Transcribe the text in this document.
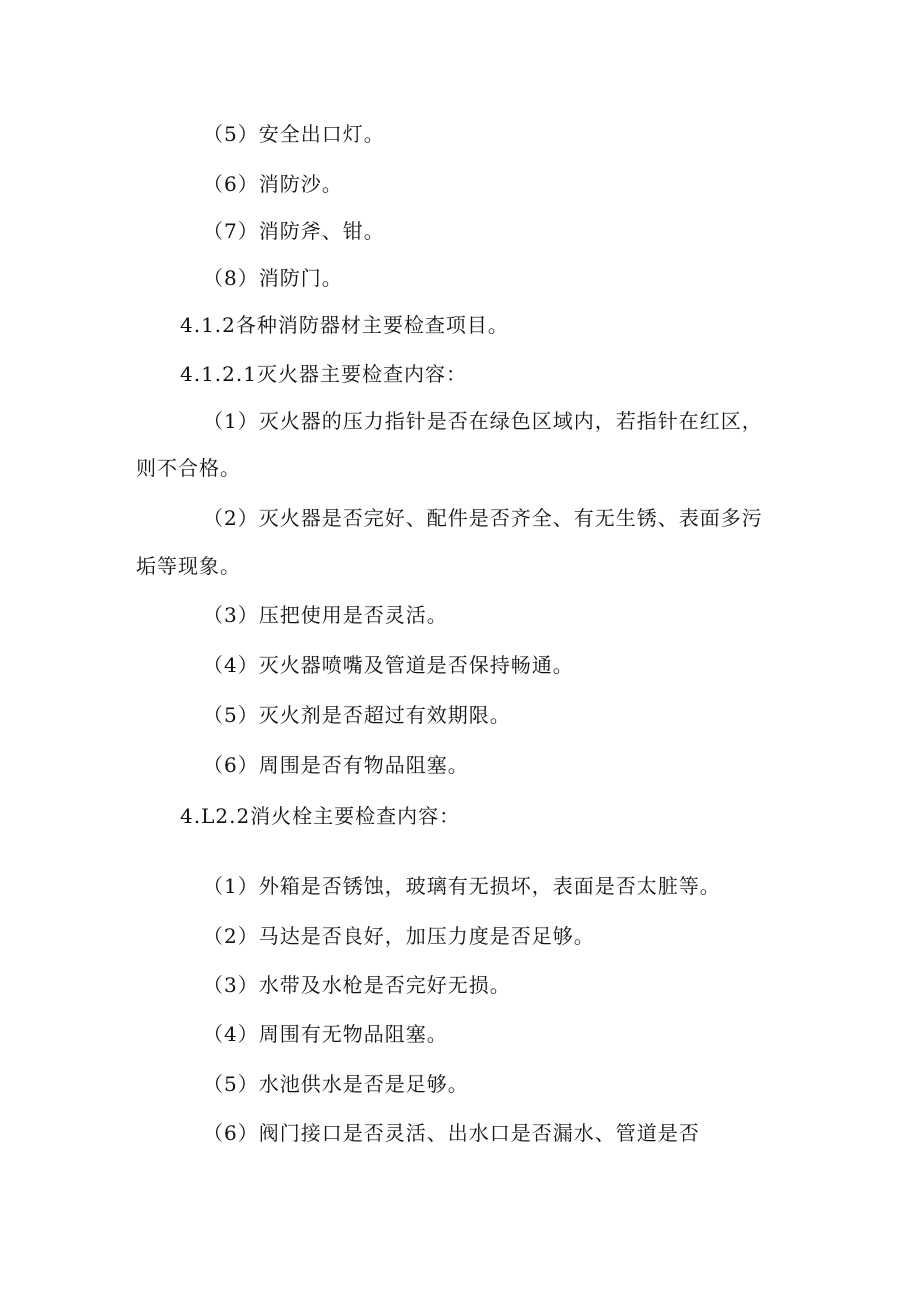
（5）安全出口灯。
（6）消防沙。
（7）消防斧、钳。
（8）消防门。
4.1.2各种消防器材主要检查项目。
4.1.2.1灭火器主要检查内容：
（1）灭火器的压力指针是否在绿色区域内，若指针在红区，
则不合格。
（2）灭火器是否完好、配件是否齐全、有无生锈、表面多污
垢等现象。
（3）压把使用是否灵活。
（4）灭火器喷嘴及管道是否保持畅通。
（5）灭火剂是否超过有效期限。
（6）周围是否有物品阻塞。
4.L2.2消火栓主要检查内容：
（1）外箱是否锈蚀，玻璃有无损坏，表面是否太脏等。
（2）马达是否良好，加压力度是否足够。
（3）水带及水枪是否完好无损。
（4）周围有无物品阻塞。
（5）水池供水是否是足够。
（6）阀门接口是否灵活、出水口是否漏水、管道是否
